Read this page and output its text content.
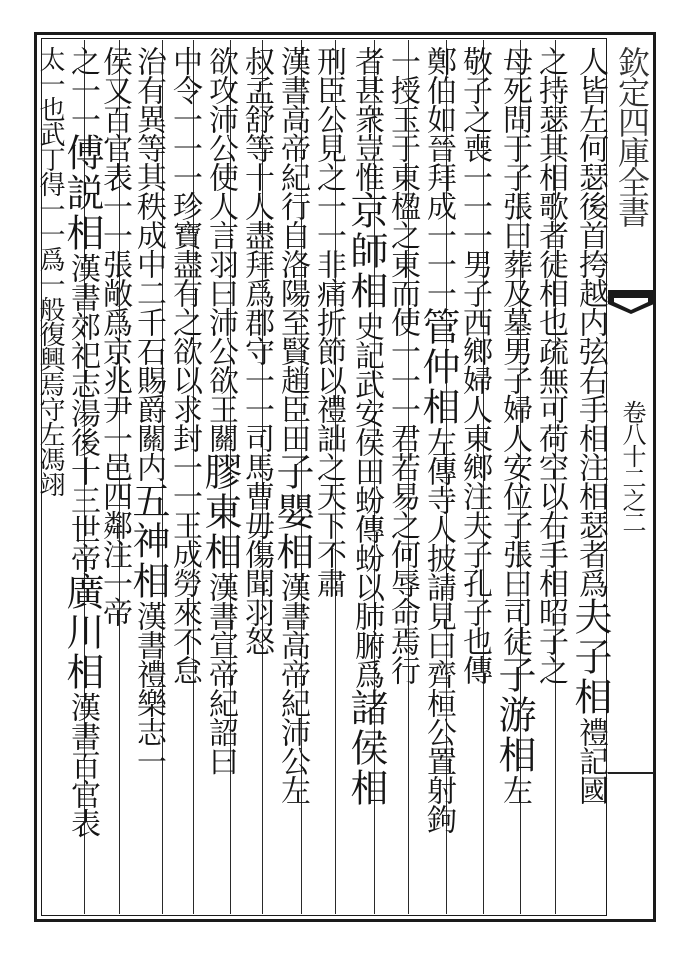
欽定四庫全書
卷八十二之二
人皆左何瑟後首挎越内弦右手相注相瑟者爲夫子相禮記國
之持瑟其相歌者徒相也疏無可荷空以右手相昭子之
母死問于子張曰葬及墓男子婦人安位子張曰司徒子游相左
敬子之喪一一一男子西鄉婦人東鄉注夫子孔子也傳
鄭伯如晉拜成一一一管仲相左傳寺人披請見曰齊桓公置射鉤
一授玉于東楹之東而使一一一君若易之何辱命焉行
者甚衆豈惟京師相史記武安侯田蚡傳蚡以肺腑爲諸侯相
刑臣公見之一一非痛折節以禮詘之天下不肅
漢書高帝紀行自洛陽至賢趙臣田子嬰相漢書高帝紀沛公左
叔孟舒等十人盡拜爲郡守一一司馬曹毋傷聞羽怒
欲攻沛公使人言羽曰沛公欲王關膠東相漢書宣帝紀詔曰
中令一一一珍寶盡有之欲以求封一一王成勞來不怠
治有異等其秩成中二千石賜爵關内五神相漢書禮樂志一
侯又百官表一一張敞爲京兆尹一邑四鄰注一帝
之一一傅説相漢書郊祀志湯後十三世帝廣川相漢書百官表
太一也武丁得一一爲一般復興焉守左馮翊
